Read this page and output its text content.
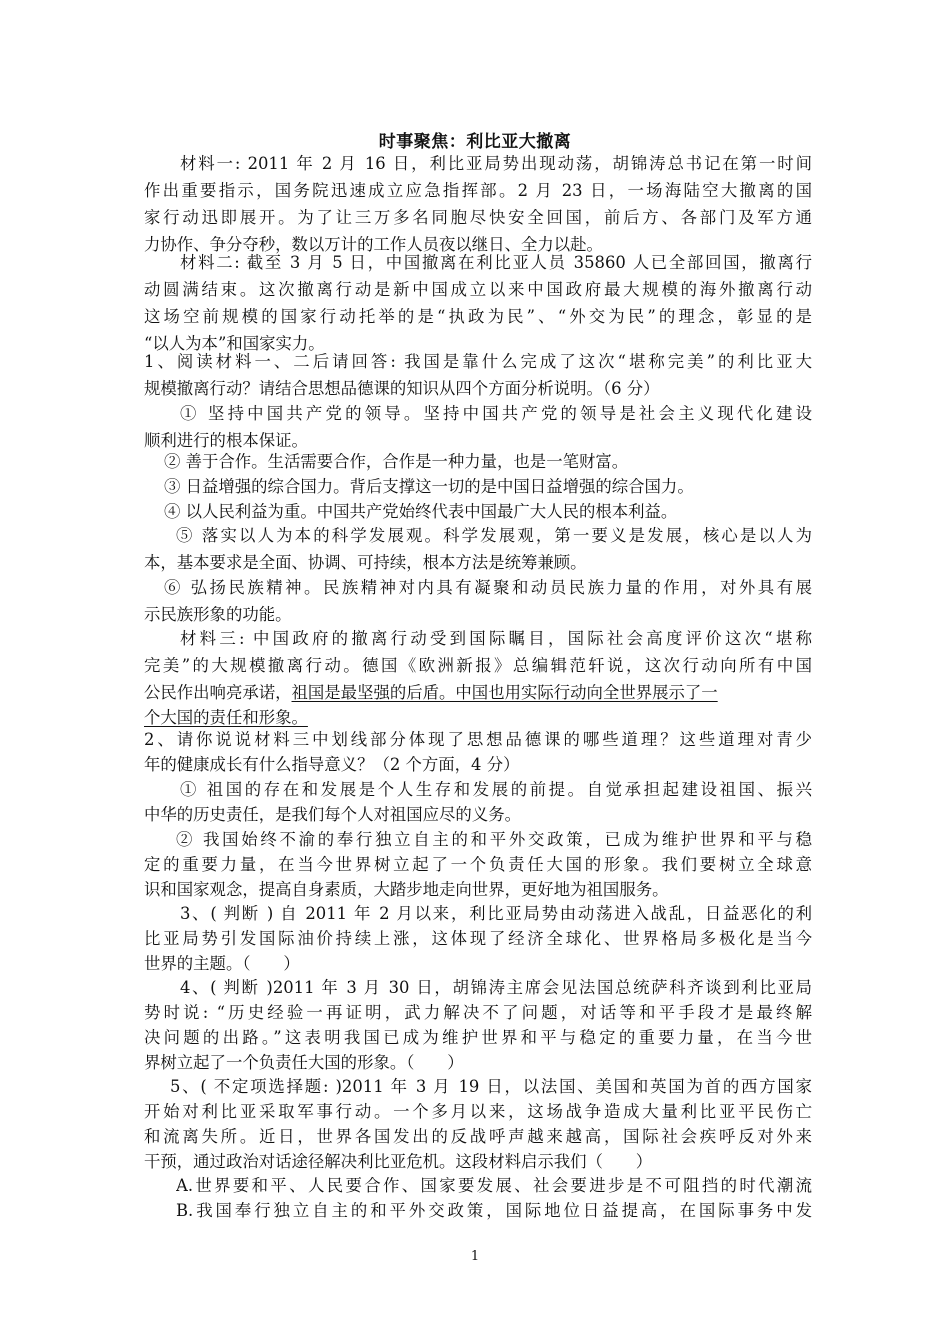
时事聚焦：利比亚大撤离
材料一: 2011 年 2 月 16 日，利比亚局势出现动荡，胡锦涛总书记在第一时间
作出重要指示，国务院迅速成立应急指挥部。2 月 23 日，一场海陆空大撤离的国
家行动迅即展开。为了让三万多名同胞尽快安全回国，前后方、各部门及军方通
力协作、争分夺秒，数以万计的工作人员夜以继日、全力以赴。
材料二: 截至 3 月 5 日，中国撤离在利比亚人员 35860 人已全部回国，撤离行
动圆满结束。这次撤离行动是新中国成立以来中国政府最大规模的海外撤离行动
这场空前规模的国家行动托举的是“执政为民”、“外交为民”的理念，彰显的是
“以人为本”和国家实力。
1、阅读材料一、二后请回答: 我国是靠什么完成了这次“堪称完美”的利比亚大
规模撤离行动？请结合思想品德课的知识从四个方面分析说明。（6 分）
① 坚持中国共产党的领导。坚持中国共产党的领导是社会主义现代化建设
顺利进行的根本保证。
② 善于合作。生活需要合作，合作是一种力量，也是一笔财富。
③ 日益增强的综合国力。背后支撑这一切的是中国日益增强的综合国力。
④ 以人民利益为重。中国共产党始终代表中国最广大人民的根本利益。
⑤ 落实以人为本的科学发展观。科学发展观，第一要义是发展，核心是以人为
本，基本要求是全面、协调、可持续，根本方法是统筹兼顾。
⑥ 弘扬民族精神。民族精神对内具有凝聚和动员民族力量的作用，对外具有展
示民族形象的功能。
材料三: 中国政府的撤离行动受到国际瞩目，国际社会高度评价这次“堪称
完美”的大规模撤离行动。德国《欧洲新报》总编辑范轩说，这次行动向所有中国
公民作出响亮承诺，祖国是最坚强的后盾。中国也用实际行动向全世界展示了一
个大国的责任和形象。
2、请你说说材料三中划线部分体现了思想品德课的哪些道理？这些道理对青少
年的健康成长有什么指导意义？（2 个方面，4 分）
① 祖国的存在和发展是个人生存和发展的前提。自觉承担起建设祖国、振兴
中华的历史责任，是我们每个人对祖国应尽的义务。
② 我国始终不渝的奉行独立自主的和平外交政策，已成为维护世界和平与稳
定的重要力量，在当今世界树立起了一个负责任大国的形象。我们要树立全球意
识和国家观念，提高自身素质，大踏步地走向世界，更好地为祖国服务。
3、( 判断 ) 自 2011 年 2 月以来，利比亚局势由动荡进入战乱，日益恶化的利
比亚局势引发国际油价持续上涨，这体现了经济全球化、世界格局多极化是当今
世界的主题。（　　）
4、( 判断 )2011 年 3 月 30 日，胡锦涛主席会见法国总统萨科齐谈到利比亚局
势时说: “历史经验一再证明，武力解决不了问题，对话等和平手段才是最终解
决问题的出路。”这表明我国已成为维护世界和平与稳定的重要力量，在当今世
界树立起了一个负责任大国的形象。（　　）
5、( 不定项选择题: )2011 年 3 月 19 日，以法国、美国和英国为首的西方国家
开始对利比亚采取军事行动。一个多月以来，这场战争造成大量利比亚平民伤亡
和流离失所。近日，世界各国发出的反战呼声越来越高，国际社会疾呼反对外来
干预，通过政治对话途径解决利比亚危机。这段材料启示我们（　　）
A.世界要和平、人民要合作、国家要发展、社会要进步是不可阻挡的时代潮流
B.我国奉行独立自主的和平外交政策，国际地位日益提高，在国际事务中发
1
